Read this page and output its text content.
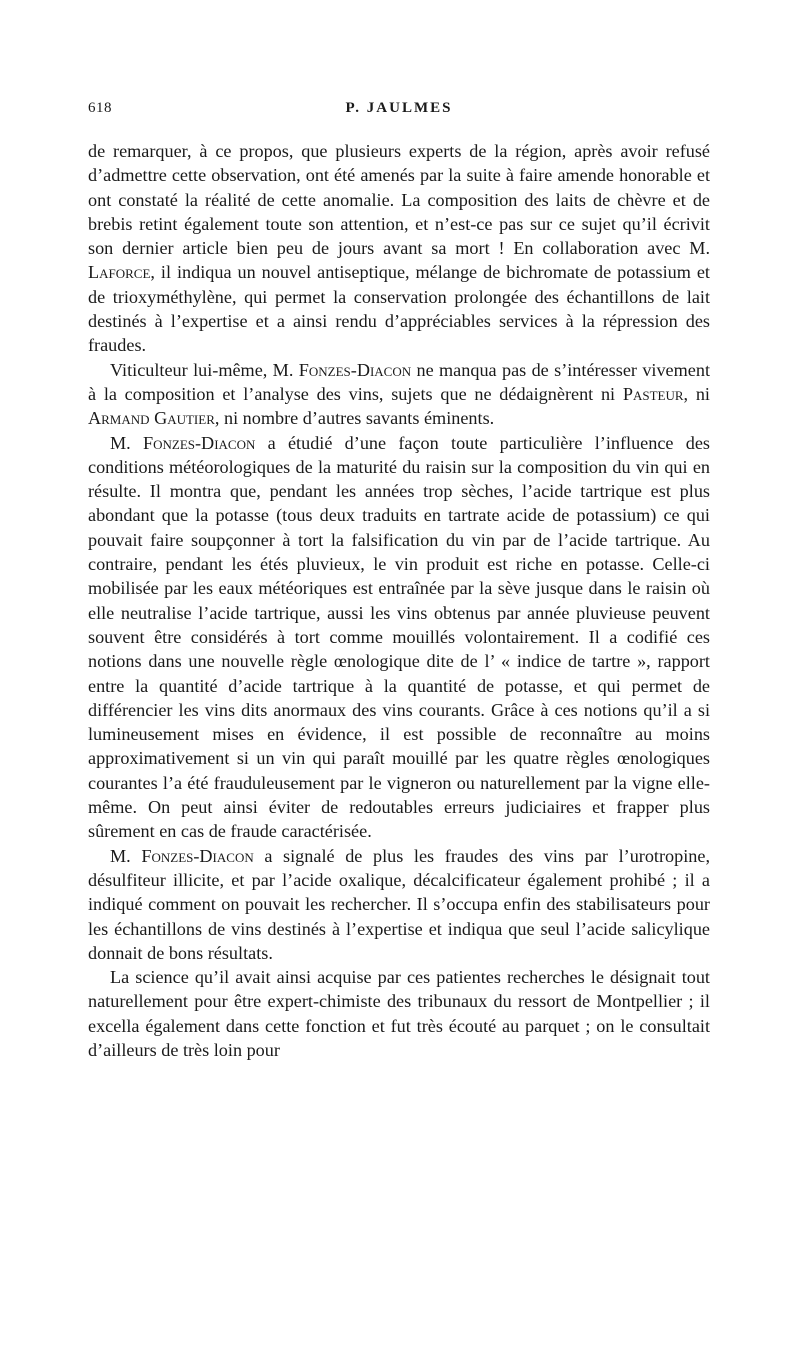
618	P. JAULMES

de remarquer, à ce propos, que plusieurs experts de la région, après avoir refusé d’admettre cette observation, ont été amenés par la suite à faire amende honorable et ont constaté la réalité de cette anomalie. La composition des laits de chèvre et de brebis retint également toute son attention, et n’est-ce pas sur ce sujet qu’il écrivit son dernier article bien peu de jours avant sa mort ! En collaboration avec M. Laforce, il indiqua un nouvel antiseptique, mélange de bichromate de potassium et de trioxyméthylène, qui permet la conservation prolongée des échantillons de lait destinés à l’expertise et a ainsi rendu d’appréciables services à la répression des fraudes.

Viticulteur lui-même, M. Fonzes-Diacon ne manqua pas de s’intéresser vivement à la composition et l’analyse des vins, sujets que ne dédaignèrent ni Pasteur, ni Armand Gautier, ni nombre d’autres savants éminents.

M. Fonzes-Diacon a étudié d’une façon toute particulière l’influence des conditions météorologiques de la maturité du raisin sur la composition du vin qui en résulte. Il montra que, pendant les années trop sèches, l’acide tartrique est plus abondant que la potasse (tous deux traduits en tartrate acide de potassium) ce qui pouvait faire soupçonner à tort la falsification du vin par de l’acide tartrique. Au contraire, pendant les étés pluvieux, le vin produit est riche en potasse. Celle-ci mobilisée par les eaux météoriques est entraînée par la sève jusque dans le raisin où elle neutralise l’acide tartrique, aussi les vins obtenus par année pluvieuse peuvent souvent être considérés à tort comme mouillés volontairement. Il a codifié ces notions dans une nouvelle règle œnologique dite de l’ « indice de tartre », rapport entre la quantité d’acide tartrique à la quantité de potasse, et qui permet de différencier les vins dits anormaux des vins courants. Grâce à ces notions qu’il a si lumineusement mises en évidence, il est possible de reconnaître au moins approximativement si un vin qui paraît mouillé par les quatre règles œnologiques courantes l’a été frauduleusement par le vigneron ou naturellement par la vigne elle-même. On peut ainsi éviter de redoutables erreurs judiciaires et frapper plus sûrement en cas de fraude caractérisée.

M. Fonzes-Diacon a signalé de plus les fraudes des vins par l’urotropine, désulfiteur illicite, et par l’acide oxalique, décalcificateur également prohibé ; il a indiqué comment on pouvait les rechercher. Il s’occupa enfin des stabilisateurs pour les échantillons de vins destinés à l’expertise et indiqua que seul l’acide salicylique donnait de bons résultats.

La science qu’il avait ainsi acquise par ces patientes recherches le désignait tout naturellement pour être expert-chimiste des tribunaux du ressort de Montpellier ; il excella également dans cette fonction et fut très écouté au parquet ; on le consultait d’ailleurs de très loin pour
